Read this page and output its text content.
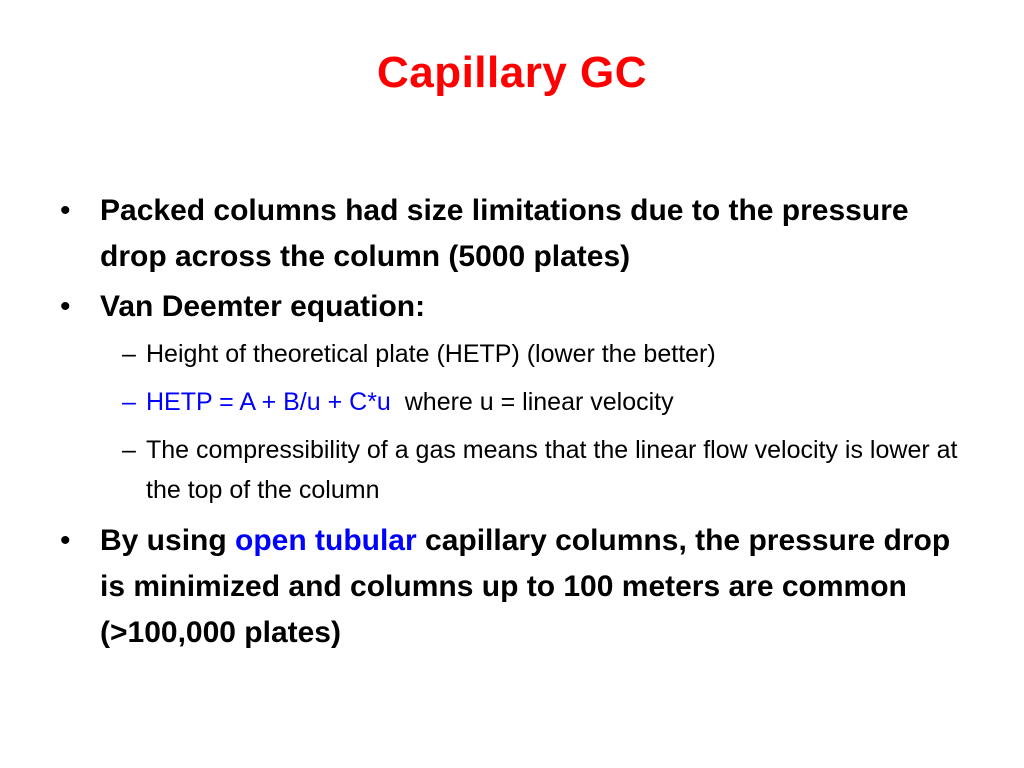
Capillary GC
• Packed columns had size limitations due to the pressure drop across the column (5000 plates)
• Van Deemter equation:
– Height of theoretical plate (HETP) (lower the better)
– HETP = A + B/u + C*u where u = linear velocity
– The compressibility of a gas means that the linear flow velocity is lower at the top of the column
• By using open tubular capillary columns, the pressure drop is minimized and columns up to 100 meters are common (>100,000 plates)
